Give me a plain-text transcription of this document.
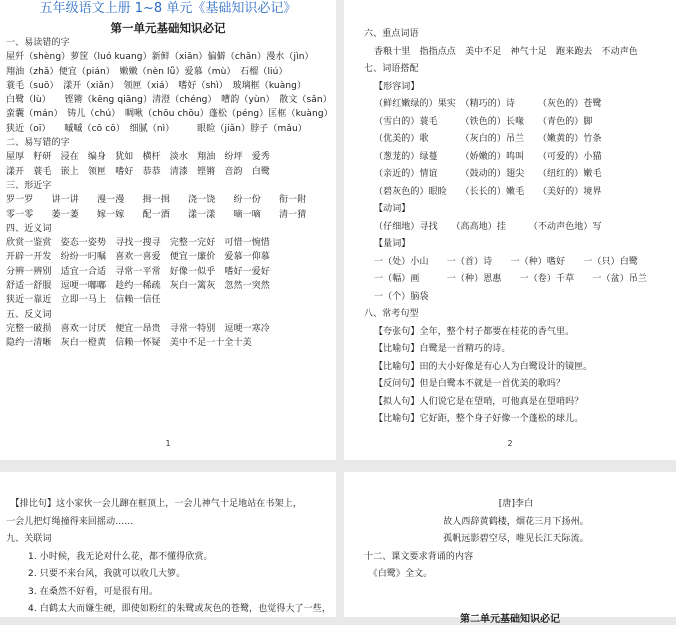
五年级语文上册 1~8 单元《基础知识必记》
第一单元基础知识必记
一、易读错的字
屋歼（shèng）萝筐（luó kuang）新鲜（xiān）偏僻（chǎn）漫水（jìn）
翔油（zhǎ）便宜（pián）　嫩嫩（nèn lǚ）爱慕（mù）　石榴（liú）
蓑毛（suō）　漾开（xiǎn）　领匣（xiá）　嗜好（shì）　玻璃框（kuàng）
白鹭（lù）　　铿锵（kēng qiāng）清澄（chéng）　嘈韵（yùn）　散文（sǎn）
蛮囊（mán）　铸儿（chú）　啁啾（chōu chōu）蓬松（péng）匡框（kuàng）
狭近（oī）　　嘁嘁（cō cō）　细腻（nì）　　　眼睑（jiǎn）脖子（mǎu）
二、易写错的字
屋厚　籽研　浸在　编身　犹如　横杆　淡水　翔油　纷坪　爱秀
漾开　蓑毛　嵌上　领匣　嗜好　恭恭　清漆　铿锵　音韵　白鹭
三、形近字
罗一罗　　讲一讲　　漫一漫　　揖一揖　　浇一饶　　纷一份　　衔一附
零一零　　萎一萎　　嫁一嫁　　配一酒　　漾一漾　　嘀一嘀　　清一猜
四、近义词
欣赏一鉴赏　姿态一姿势　寻找一搜寻　完整一完好　可惜一惋惜
开辟一开发　纷纷一叼嘱　喜欢一喜爱　便宜一廉价　爱慕一仰慕
分辨一辨别　适宜一合适　寻常一平常　好像一似乎　嗜好一爱好
舒适一舒服　逗哽一嘟嘟　趁约一稀疏　灰白一篱灰　忽然一突然
狭近一靠近　立即一马上　信赖一信任
五、反义词
完整一破损　喜欢一讨厌　便宜一昂贵　寻常一特别　逗哽一寒冷
隐约一清晰　灰白一橙黄　信赖一怀疑　美中不足一十全十美
1
六、重点词语
香粮十里　指指点点　美中不足　神气十足　跑来跑去　不动声色
七、词语搭配
【形容词】
（鲜红嫩绿的）果实　（精巧的）诗　　　（灰色的）苍鹭
（雪白的）蓑毛　　　（铁色的）长喙　　（青色的）脚
（优美的）歌　　　　（灰白的）吊兰　　（嫩黄的）竹条
（葱茏的）绿蔓　　　（娇嫩的）鸣叫　　（可爱的）小猫
（亲近的）情谊　　　（鼓动的）翅尖　　（纽红的）嫩毛
（碧灰色的）眼睑　　（长长的）嫩毛　　（美好的）境界
【动词】
（仔细地）寻找　　（高高地）挂　　　（不动声色地）写
【量词】
一（处）小山　　一（首）诗　　一（种）嗜好　　一（只）白鹭
一（幅）画　　　一（种）恩惠　　一（卷）千草　　一（盆）吊兰
一（个）脑袋
八、常考句型
【夸张句】全年，整个村子都要在桂花的香气里。
【比喻句】白鹭是一首精巧的诗。
【比喻句】田的大小好像是有心人为白鹭设计的镜匣。
【反问句】但是白鹭本不就是一首优美的歌吗？
【拟人句】人们说它是在望哨，可他真是在望哨吗？
【比喻句】它好距，整个身子好像一个蓬松的球儿。
2
　【排比句】这小家伙一会儿蹿在框顶上，一会儿神气十足地站在书架上，
一会儿把灯绳撞得来回摇动……
九、关联词
1. 小时候，我无论对什么花，都不懂得欣赏。
2. 只要不来台风，我就可以收几大箩。
3. 在桑然不好看，可是很有用。
4. 白鹤太大而嫌生硬，即使如粉红的朱鹭或灰色的苍鹭，也觉得大了一些，
[唐]李白
故人西辞黄鹤楼，烟花三月下扬州。
孤帆远影碧空尽，唯见长江天际流。
十二、课文要求背诵的内容
　《白鹭》全文。
第二单元基础知识必记
